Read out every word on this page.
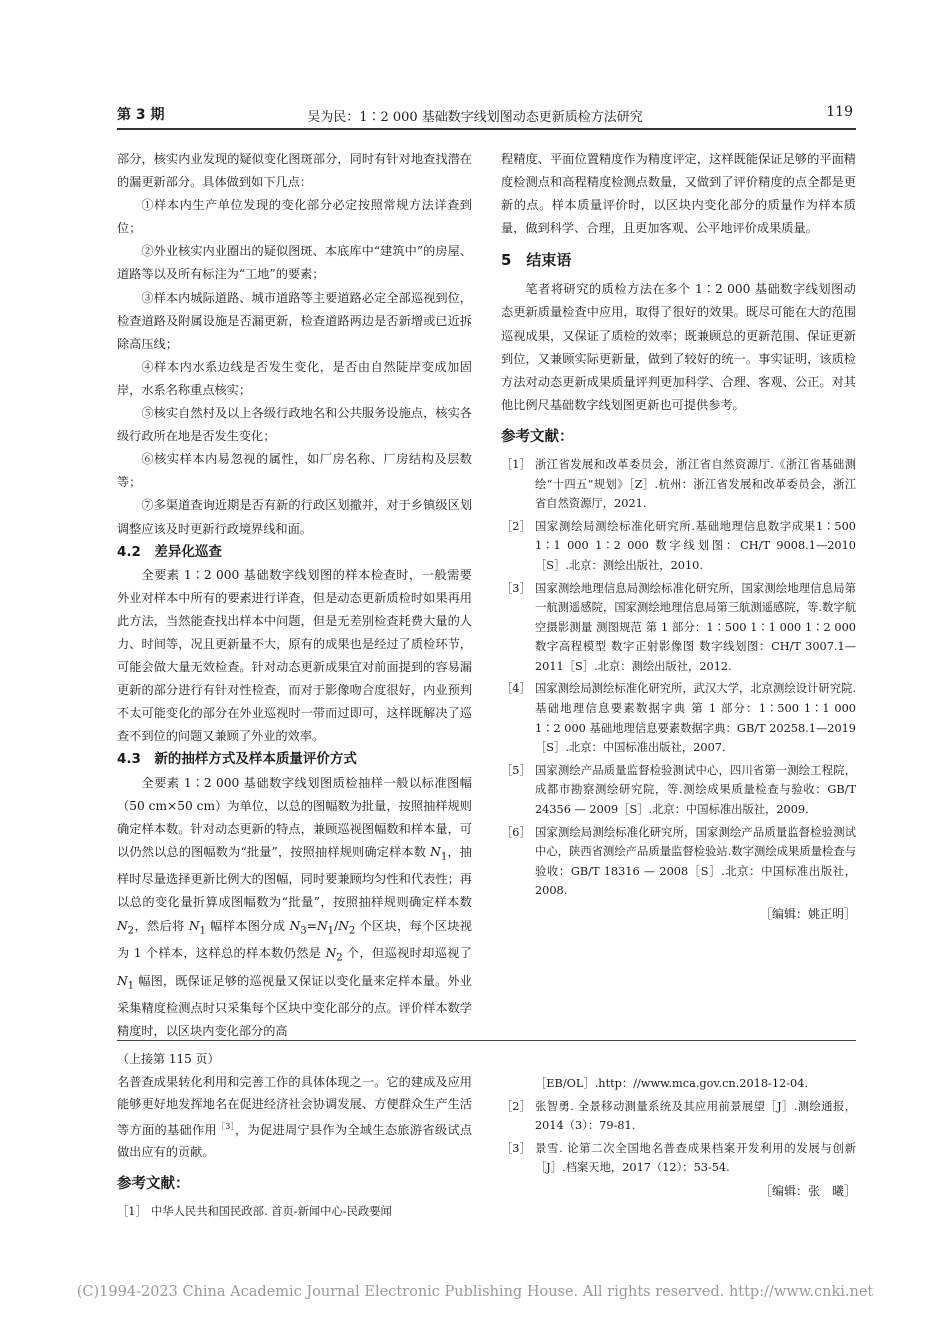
第 3 期	吴为民：1∶2 000 基础数字线划图动态更新质检方法研究	119

部分，核实内业发现的疑似变化图斑部分，同时有针对地查找潜在的漏更新部分。具体做到如下几点：

①样本内生产单位发现的变化部分必定按照常规方法详查到位；

②外业核实内业圈出的疑似图斑、本底库中“建筑中”的房屋、道路等以及所有标注为“工地”的要素；

③样本内城际道路、城市道路等主要道路必定全部巡视到位，检查道路及附属设施是否漏更新，检查道路两边是否新增或已近拆除高压线；

④样本内水系边线是否发生变化，是否由自然陡岸变成加固岸，水系名称重点核实；

⑤核实自然村及以上各级行政地名和公共服务设施点，核实各级行政所在地是否发生变化；

⑥核实样本内易忽视的属性，如厂房名称、厂房结构及层数等；

⑦多渠道查询近期是否有新的行政区划撤并，对于乡镇级区划调整应该及时更新行政境界线和面。

4.2　差异化巡查

全要素 1∶2 000 基础数字线划图的样本检查时，一般需要外业对样本中所有的要素进行详查，但是动态更新质检时如果再用此方法，当然能查找出样本中问题，但是无差别检查耗费大量的人力、时间等，况且更新量不大，原有的成果也是经过了质检环节，可能会做大量无效检查。针对动态更新成果宜对前面提到的容易漏更新的部分进行有针对性检查，而对于影像吻合度很好，内业预判不太可能变化的部分在外业巡视时一带而过即可，这样既解决了巡查不到位的问题又兼顾了外业的效率。

4.3　新的抽样方式及样本质量评价方式

全要素 1∶2 000 基础数字线划图质检抽样一般以标准图幅（50 cm×50 cm）为单位，以总的图幅数为批量，按照抽样规则确定样本数。针对动态更新的特点，兼顾巡视图幅数和样本量，可以仍然以总的图幅数为“批量”，按照抽样规则确定样本数 $N_1$，抽样时尽量选择更新比例大的图幅，同时要兼顾均匀性和代表性；再以总的变化量折算成图幅数为“批量”，按照抽样规则确定样本数 $N_2$，然后将 $N_1$ 幅样本图分成 $N_3=N_1/N_2$ 个区块，每个区块视为 1 个样本，这样总的样本数仍然是 $N_2$ 个，但巡视时却巡视了 $N_1$ 幅图，既保证足够的巡视量又保证以变化量来定样本量。外业采集精度检测点时只采集每个区块中变化部分的点。评价样本数学精度时，以区块内变化部分的高

程精度、平面位置精度作为精度评定，这样既能保证足够的平面精度检测点和高程精度检测点数量，又做到了评价精度的点全都是更新的点。样本质量评价时，以区块内变化部分的质量作为样本质量，做到科学、合理，且更加客观、公平地评价成果质量。

5　结束语

笔者将研究的质检方法在多个 1∶2 000 基础数字线划图动态更新质量检查中应用，取得了很好的效果。既尽可能在大的范围巡视成果，又保证了质检的效率；既兼顾总的更新范围、保证更新到位，又兼顾实际更新量，做到了较好的统一。事实证明，该质检方法对动态更新成果质量评判更加科学、合理、客观、公正。对其他比例尺基础数字线划图更新也可提供参考。

参考文献：
［1］ 浙江省发展和改革委员会，浙江省自然资源厅.《浙江省基础测绘“十四五”规划》［Z］.杭州：浙江省发展和改革委员会，浙江省自然资源厅，2021.
［2］ 国家测绘局测绘标准化研究所.基础地理信息数字成果1∶500 1∶1 000 1∶2 000 数字线划图：CH/T 9008.1—2010［S］.北京：测绘出版社，2010.
［3］ 国家测绘地理信息局测绘标准化研究所，国家测绘地理信息局第一航测遥感院，国家测绘地理信息局第三航测遥感院，等.数字航空摄影测量 测图规范 第 1 部分：1∶500 1∶1 000 1∶2 000 数字高程模型 数字正射影像图 数字线划图：CH/T 3007.1—2011［S］.北京：测绘出版社，2012.
［4］ 国家测绘局测绘标准化研究所，武汉大学，北京测绘设计研究院.基础地理信息要素数据字典 第 1 部分：1∶500 1∶1 000 1∶2 000 基础地理信息要素数据字典：GB/T 20258.1—2019［S］.北京：中国标准出版社，2007.
［5］ 国家测绘产品质量监督检验测试中心，四川省第一测绘工程院，成都市勘察测绘研究院，等.测绘成果质量检查与验收：GB/T 24356 — 2009［S］.北京：中国标准出版社，2009.
［6］ 国家测绘局测绘标准化研究所，国家测绘产品质量监督检验测试中心，陕西省测绘产品质量监督检验站.数字测绘成果质量检查与验收：GB/T 18316 — 2008［S］.北京：中国标准出版社，2008.
［编辑：姚正明］
（上接第 115 页）

名普查成果转化利用和完善工作的具体体现之一。它的建成及应用能够更好地发挥地名在促进经济社会协调发展、方便群众生产生活等方面的基础作用$^{[3]}$，为促进周宁县作为全域生态旅游省级试点做出应有的贡献。

参考文献：
［1］ 中华人民共和国民政部. 首页-新闻中心-民政要闻
［EB/OL］.http：//www.mca.gov.cn.2018-12-04.
［2］ 张智勇. 全景移动测量系统及其应用前景展望［J］.测绘通报，2014（3）：79-81.
［3］ 景雪. 论第二次全国地名普查成果档案开发利用的发展与创新［J］.档案天地，2017（12）：53-54.
［编辑：张　曦］
(C)1994-2023 China Academic Journal Electronic Publishing House. All rights reserved. http://www.cnki.net
